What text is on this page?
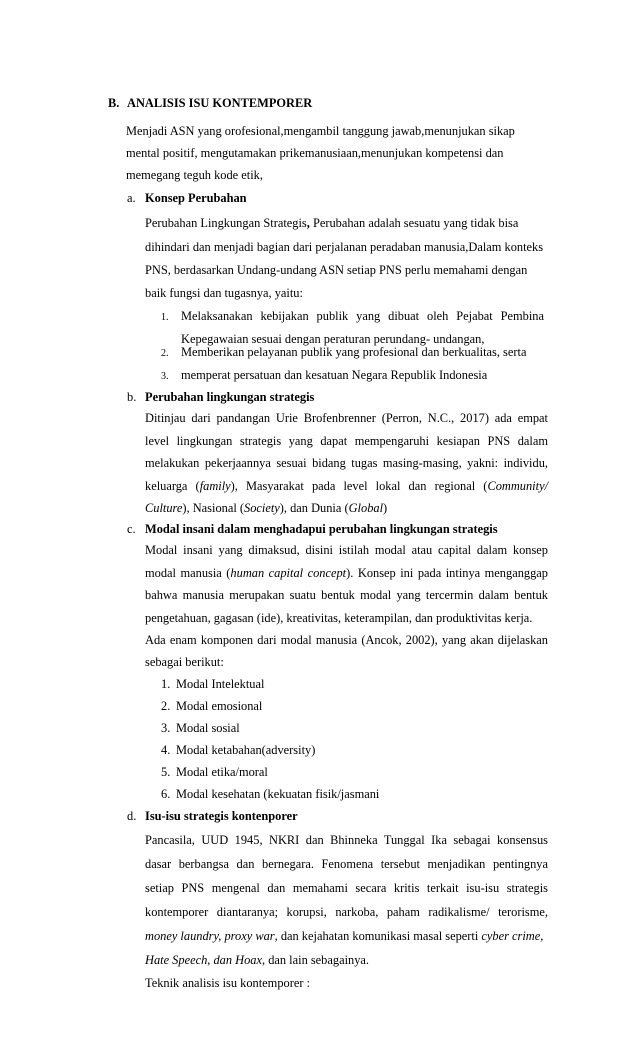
B. ANALISIS ISU KONTEMPORER
Menjadi ASN yang orofesional,mengambil tanggung jawab,menunjukan sikap
mental positif, mengutamakan prikemanusiaan,menunjukan kompetensi dan
memegang teguh kode etik,
a. Konsep Perubahan
Perubahan Lingkungan Strategis, Perubahan adalah sesuatu yang tidak bisa
dihindari dan menjadi bagian dari perjalanan peradaban manusia,Dalam konteks
PNS, berdasarkan Undang-undang ASN setiap PNS perlu memahami dengan
baik fungsi dan tugasnya, yaitu:
1. Melaksanakan kebijakan publik yang dibuat oleh Pejabat Pembina
Kepegawaian sesuai dengan peraturan perundang- undangan,
2. Memberikan pelayanan publik yang profesional dan berkualitas, serta
3. memperat persatuan dan kesatuan Negara Republik Indonesia
b. Perubahan lingkungan strategis
Ditinjau dari pandangan Urie Brofenbrenner (Perron, N.C., 2017) ada empat
level lingkungan strategis yang dapat mempengaruhi kesiapan PNS dalam
melakukan pekerjaannya sesuai bidang tugas masing-masing, yakni: individu,
keluarga (family), Masyarakat pada level lokal dan regional (Community/
Culture), Nasional (Society), dan Dunia (Global)
c. Modal insani dalam menghadapui perubahan lingkungan strategis
Modal insani yang dimaksud, disini istilah modal atau capital dalam konsep
modal manusia (human capital concept). Konsep ini pada intinya menganggap
bahwa manusia merupakan suatu bentuk modal yang tercermin dalam bentuk
pengetahuan, gagasan (ide), kreativitas, keterampilan, dan produktivitas kerja.
Ada enam komponen dari modal manusia (Ancok, 2002), yang akan dijelaskan
sebagai berikut:
1. Modal Intelektual
2. Modal emosional
3. Modal sosial
4. Modal ketabahan(adversity)
5. Modal etika/moral
6. Modal kesehatan (kekuatan fisik/jasmani
d. Isu-isu strategis kontenporer
Pancasila, UUD 1945, NKRI dan Bhinneka Tunggal Ika sebagai konsensus
dasar berbangsa dan bernegara. Fenomena tersebut menjadikan pentingnya
setiap PNS mengenal dan memahami secara kritis terkait isu-isu strategis
kontemporer diantaranya; korupsi, narkoba, paham radikalisme/ terorisme,
money laundry, proxy war, dan kejahatan komunikasi masal seperti cyber crime,
Hate Speech, dan Hoax, dan lain sebagainya.
Teknik analisis isu kontemporer :
